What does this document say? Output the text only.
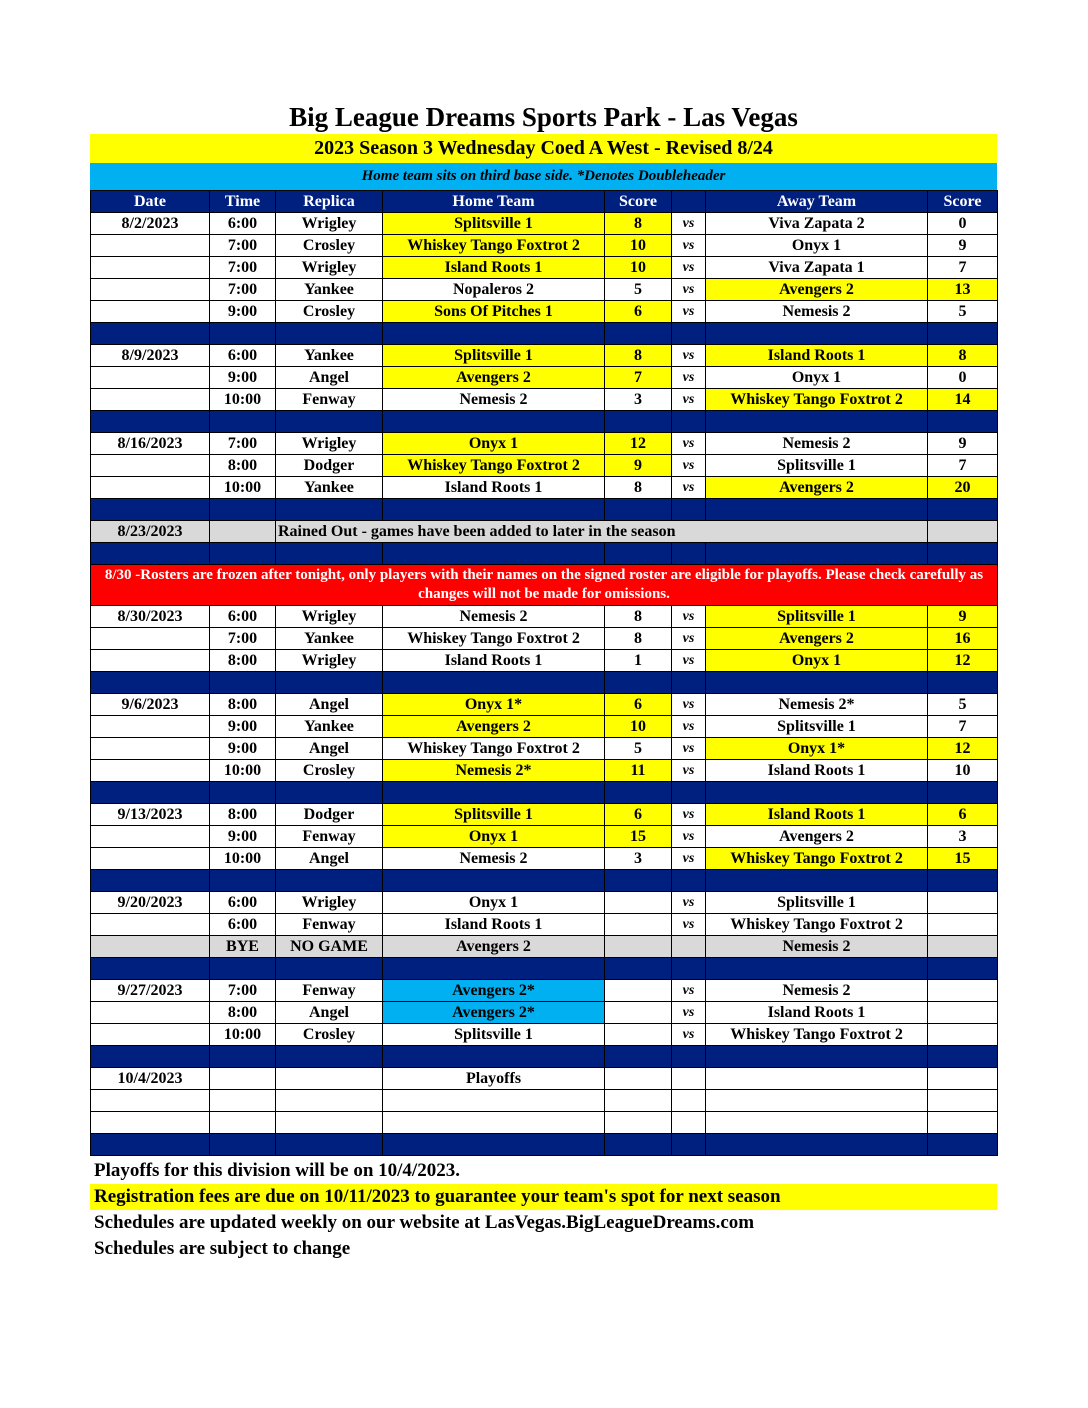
Big League Dreams Sports Park - Las Vegas
2023 Season 3 Wednesday Coed A West - Revised 8/24
Home team sits on third base side. *Denotes Doubleheader
Date	Time	Replica	Home Team	Score		Away Team	Score
8/2/2023	6:00	Wrigley	Splitsville 1	8	vs	Viva Zapata 2	0
	7:00	Crosley	Whiskey Tango Foxtrot 2	10	vs	Onyx 1	9
	7:00	Wrigley	Island Roots 1	10	vs	Viva Zapata 1	7
	7:00	Yankee	Nopaleros 2	5	vs	Avengers 2	13
	9:00	Crosley	Sons Of Pitches 1	6	vs	Nemesis 2	5

8/9/2023	6:00	Yankee	Splitsville 1	8	vs	Island Roots 1	8
	9:00	Angel	Avengers 2	7	vs	Onyx 1	0
	10:00	Fenway	Nemesis 2	3	vs	Whiskey Tango Foxtrot 2	14

8/16/2023	7:00	Wrigley	Onyx 1	12	vs	Nemesis 2	9
	8:00	Dodger	Whiskey Tango Foxtrot 2	9	vs	Splitsville 1	7
	10:00	Yankee	Island Roots 1	8	vs	Avengers 2	20

8/23/2023		Rained Out - games have been added to later in the season					

8/30 -Rosters are frozen after tonight, only players with their names on the signed roster are eligible for playoffs. Please check carefully as changes will not be made for omissions.							
8/30/2023	6:00	Wrigley	Nemesis 2	8	vs	Splitsville 1	9
	7:00	Yankee	Whiskey Tango Foxtrot 2	8	vs	Avengers 2	16
	8:00	Wrigley	Island Roots 1	1	vs	Onyx 1	12

9/6/2023	8:00	Angel	Onyx 1*	6	vs	Nemesis 2*	5
	9:00	Yankee	Avengers 2	10	vs	Splitsville 1	7
	9:00	Angel	Whiskey Tango Foxtrot 2	5	vs	Onyx 1*	12
	10:00	Crosley	Nemesis 2*	11	vs	Island Roots 1	10

9/13/2023	8:00	Dodger	Splitsville 1	6	vs	Island Roots 1	6
	9:00	Fenway	Onyx 1	15	vs	Avengers 2	3
	10:00	Angel	Nemesis 2	3	vs	Whiskey Tango Foxtrot 2	15

9/20/2023	6:00	Wrigley	Onyx 1		vs	Splitsville 1	
	6:00	Fenway	Island Roots 1		vs	Whiskey Tango Foxtrot 2	
	BYE	NO GAME	Avengers 2			Nemesis 2	

9/27/2023	7:00	Fenway	Avengers 2*		vs	Nemesis 2	
	8:00	Angel	Avengers 2*		vs	Island Roots 1	
	10:00	Crosley	Splitsville 1		vs	Whiskey Tango Foxtrot 2	

10/4/2023			Playoffs				

Playoffs for this division will be on 10/4/2023.
Registration fees are due on 10/11/2023 to guarantee your team's spot for next season
Schedules are updated weekly on our website at LasVegas.BigLeagueDreams.com
Schedules are subject to change
